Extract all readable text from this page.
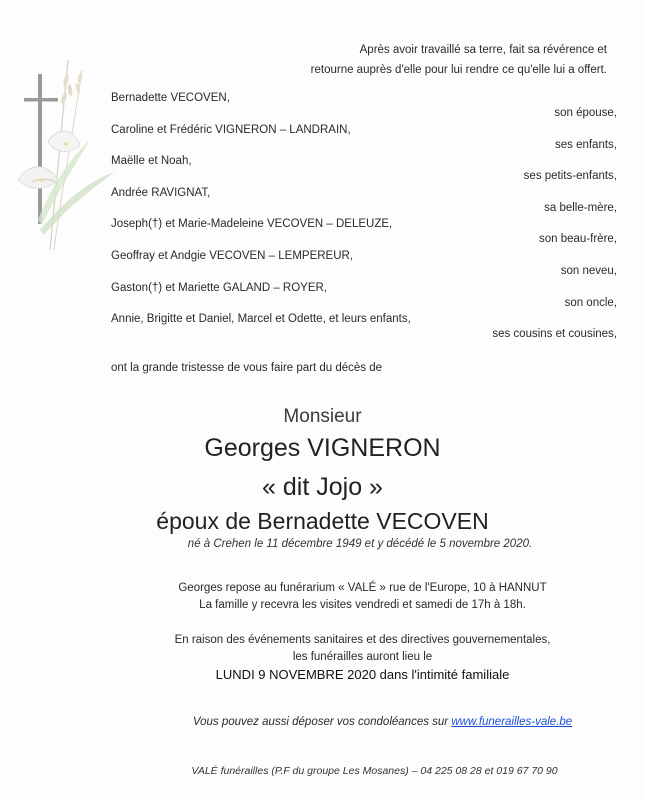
Après avoir travaillé sa terre, fait sa révérence et
retourne auprès d'elle pour lui rendre ce qu'elle lui a offert.
Bernadette VECOVEN,
son épouse,
Caroline et Frédéric VIGNERON – LANDRAIN,
ses enfants,
Maëlle et Noah,
ses petits-enfants,
Andrée RAVIGNAT,
sa belle-mère,
Joseph(†) et Marie-Madeleine VECOVEN – DELEUZE,
son beau-frère,
Geoffray et Andgie VECOVEN – LEMPEREUR,
son neveu,
Gaston(†) et Mariette GALAND – ROYER,
son oncle,
Annie, Brigitte et Daniel, Marcel et Odette, et leurs enfants,
ses cousins et cousines,
ont la grande tristesse de vous faire part du décès de
Monsieur
Georges VIGNERON
« dit Jojo »
époux de Bernadette VECOVEN
né à Crehen le 11 décembre 1949 et y décédé le 5 novembre 2020.
Georges repose au funérarium « VALÉ » rue de l'Europe, 10 à HANNUT
La famille y recevra les visites vendredi et samedi de 17h à 18h.
En raison des événements sanitaires et des directives gouvernementales,
les funérailles auront lieu le
LUNDI 9 NOVEMBRE 2020 dans l'intimité familiale
Vous pouvez aussi déposer vos condoléances sur www.funerailles-vale.be
VALÉ funérailles (P.F du groupe Les Mosanes) – 04 225 08 28 et 019 67 70 90
